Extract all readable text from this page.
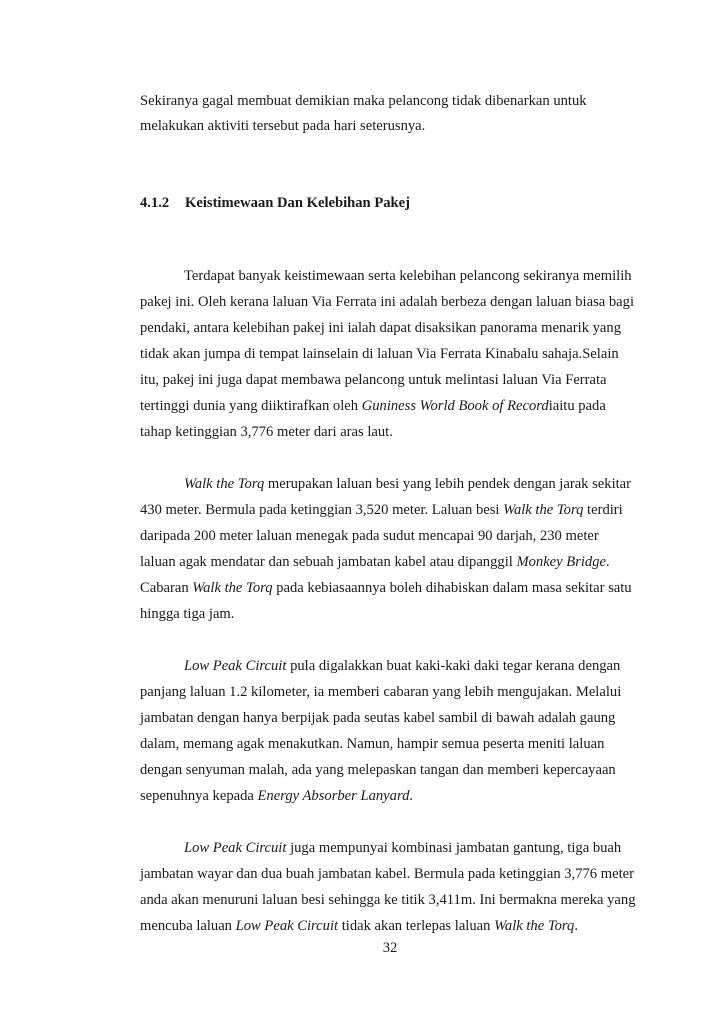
Sekiranya gagal membuat demikian maka pelancong tidak dibenarkan untuk
melakukan aktiviti tersebut pada hari seterusnya.
4.1.2 Keistimewaan Dan Kelebihan Pakej
Terdapat banyak keistimewaan serta kelebihan pelancong sekiranya memilih
pakej ini. Oleh kerana laluan Via Ferrata ini adalah berbeza dengan laluan biasa bagi
pendaki, antara kelebihan pakej ini ialah dapat disaksikan panorama menarik yang
tidak akan jumpa di tempat lainselain di laluan Via Ferrata Kinabalu sahaja.Selain
itu, pakej ini juga dapat membawa pelancong untuk melintasi laluan Via Ferrata
tertinggi dunia yang diiktirafkan oleh Guniness World Book of Recordiaitu pada
tahap ketinggian 3,776 meter dari aras laut.
Walk the Torq merupakan laluan besi yang lebih pendek dengan jarak sekitar
430 meter. Bermula pada ketinggian 3,520 meter. Laluan besi Walk the Torq terdiri
daripada 200 meter laluan menegak pada sudut mencapai 90 darjah, 230 meter
laluan agak mendatar dan sebuah jambatan kabel atau dipanggil Monkey Bridge.
Cabaran Walk the Torq pada kebiasaannya boleh dihabiskan dalam masa sekitar satu
hingga tiga jam.
Low Peak Circuit pula digalakkan buat kaki-kaki daki tegar kerana dengan
panjang laluan 1.2 kilometer, ia memberi cabaran yang lebih mengujakan. Melalui
jambatan dengan hanya berpijak pada seutas kabel sambil di bawah adalah gaung
dalam, memang agak menakutkan. Namun, hampir semua peserta meniti laluan
dengan senyuman malah, ada yang melepaskan tangan dan memberi kepercayaan
sepenuhnya kepada Energy Absorber Lanyard.
Low Peak Circuit juga mempunyai kombinasi jambatan gantung, tiga buah
jambatan wayar dan dua buah jambatan kabel. Bermula pada ketinggian 3,776 meter
anda akan menuruni laluan besi sehingga ke titik 3,411m. Ini bermakna mereka yang
mencuba laluan Low Peak Circuit tidak akan terlepas laluan Walk the Torq.
32
